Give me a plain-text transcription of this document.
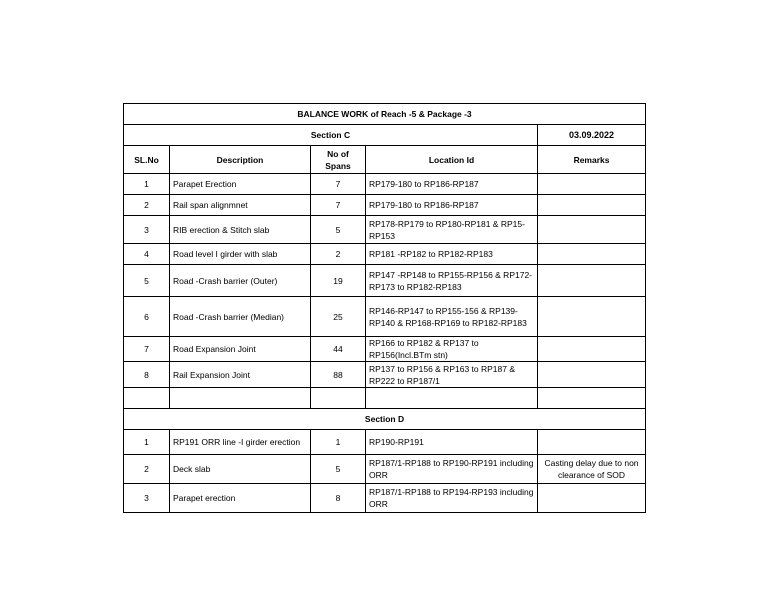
BALANCE WORK of Reach -5 & Package -3				
Section C				03.09.2022
SL.No	Description	No of Spans	Location Id	Remarks
1	Parapet Erection	7	RP179-180 to RP186-RP187	
2	Rail span alignmnet	7	RP179-180 to RP186-RP187	
3	RIB erection & Stitch slab	5	RP178-RP179 to RP180-RP181 & RP15-RP153	
4	Road level I girder with slab	2	RP181 -RP182 to RP182-RP183	
5	Road -Crash barrier (Outer)	19	RP147 -RP148 to RP155-RP156 & RP172-RP173 to RP182-RP183	
6	Road -Crash barrier (Median)	25	RP146-RP147 to RP155-156 & RP139-RP140 & RP168-RP169 to RP182-RP183	
7	Road Expansion Joint	44	RP166 to RP182 & RP137 to RP156(Incl.BTm stn)	
8	Rail Expansion Joint	88	RP137 to RP156 & RP163 to RP187 & RP222 to RP187/1	

Section D				
1	RP191 ORR line -I girder erection	1	RP190-RP191	
2	Deck slab	5	RP187/1-RP188 to RP190-RP191 including ORR	Casting delay due to non clearance of SOD
3	Parapet erection	8	RP187/1-RP188 to RP194-RP193 including ORR	
